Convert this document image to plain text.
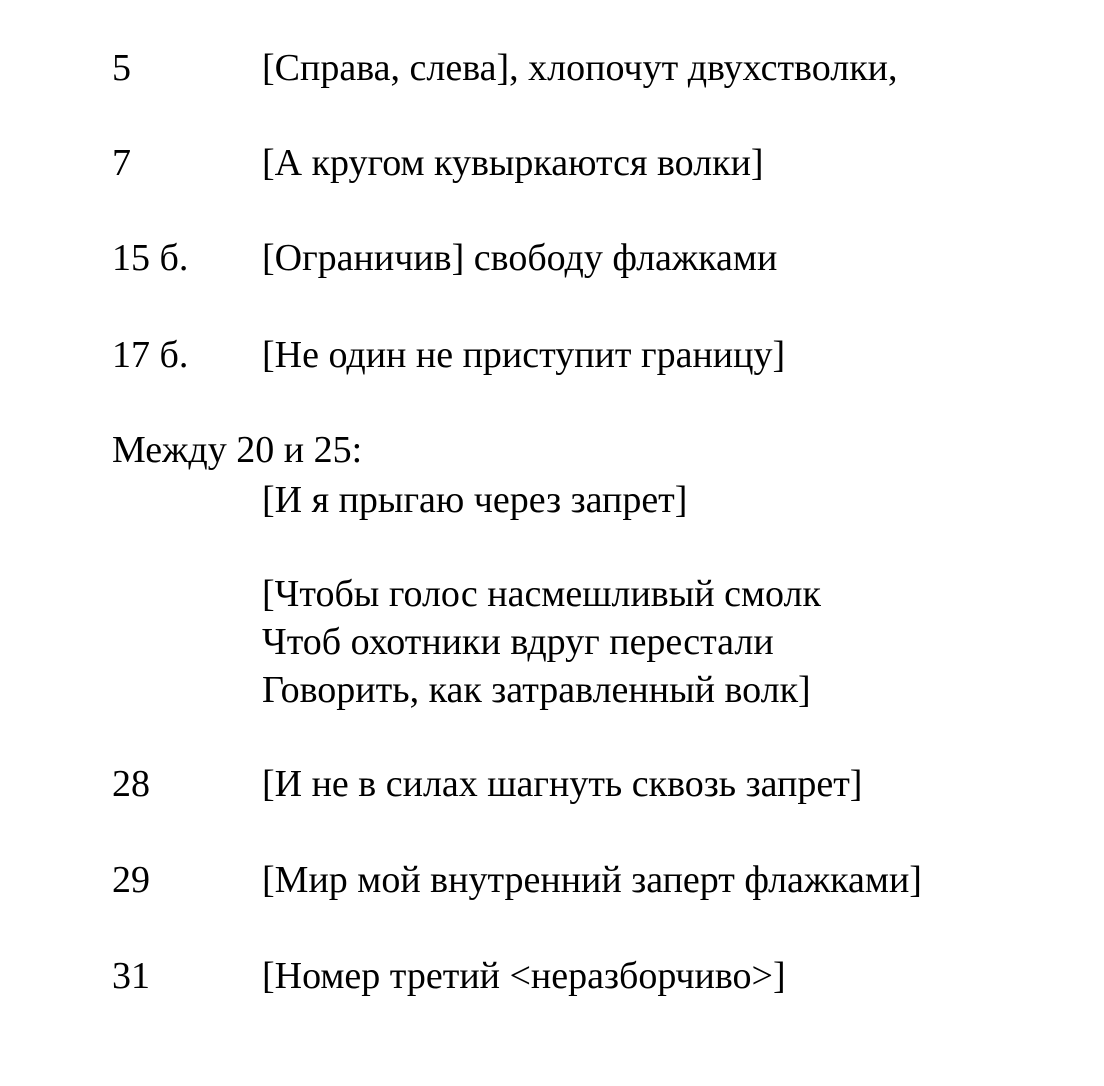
5	[Справа, слева], хлопочут двухстволки,
7	[А кругом кувыркаются волки]
15 б. [Ограничив] свободу флажками
17 б. [Не один не приступит границу]
Между 20 и 25:
[И я прыгаю через запрет]
[Чтобы голос насмешливый смолк
Чтоб охотники вдруг перестали
Говорить, как затравленный волк]
28	[И не в силах шагнуть сквозь запрет]
29	[Мир мой внутренний заперт флажками]
31	[Номер третий <неразборчиво>]
